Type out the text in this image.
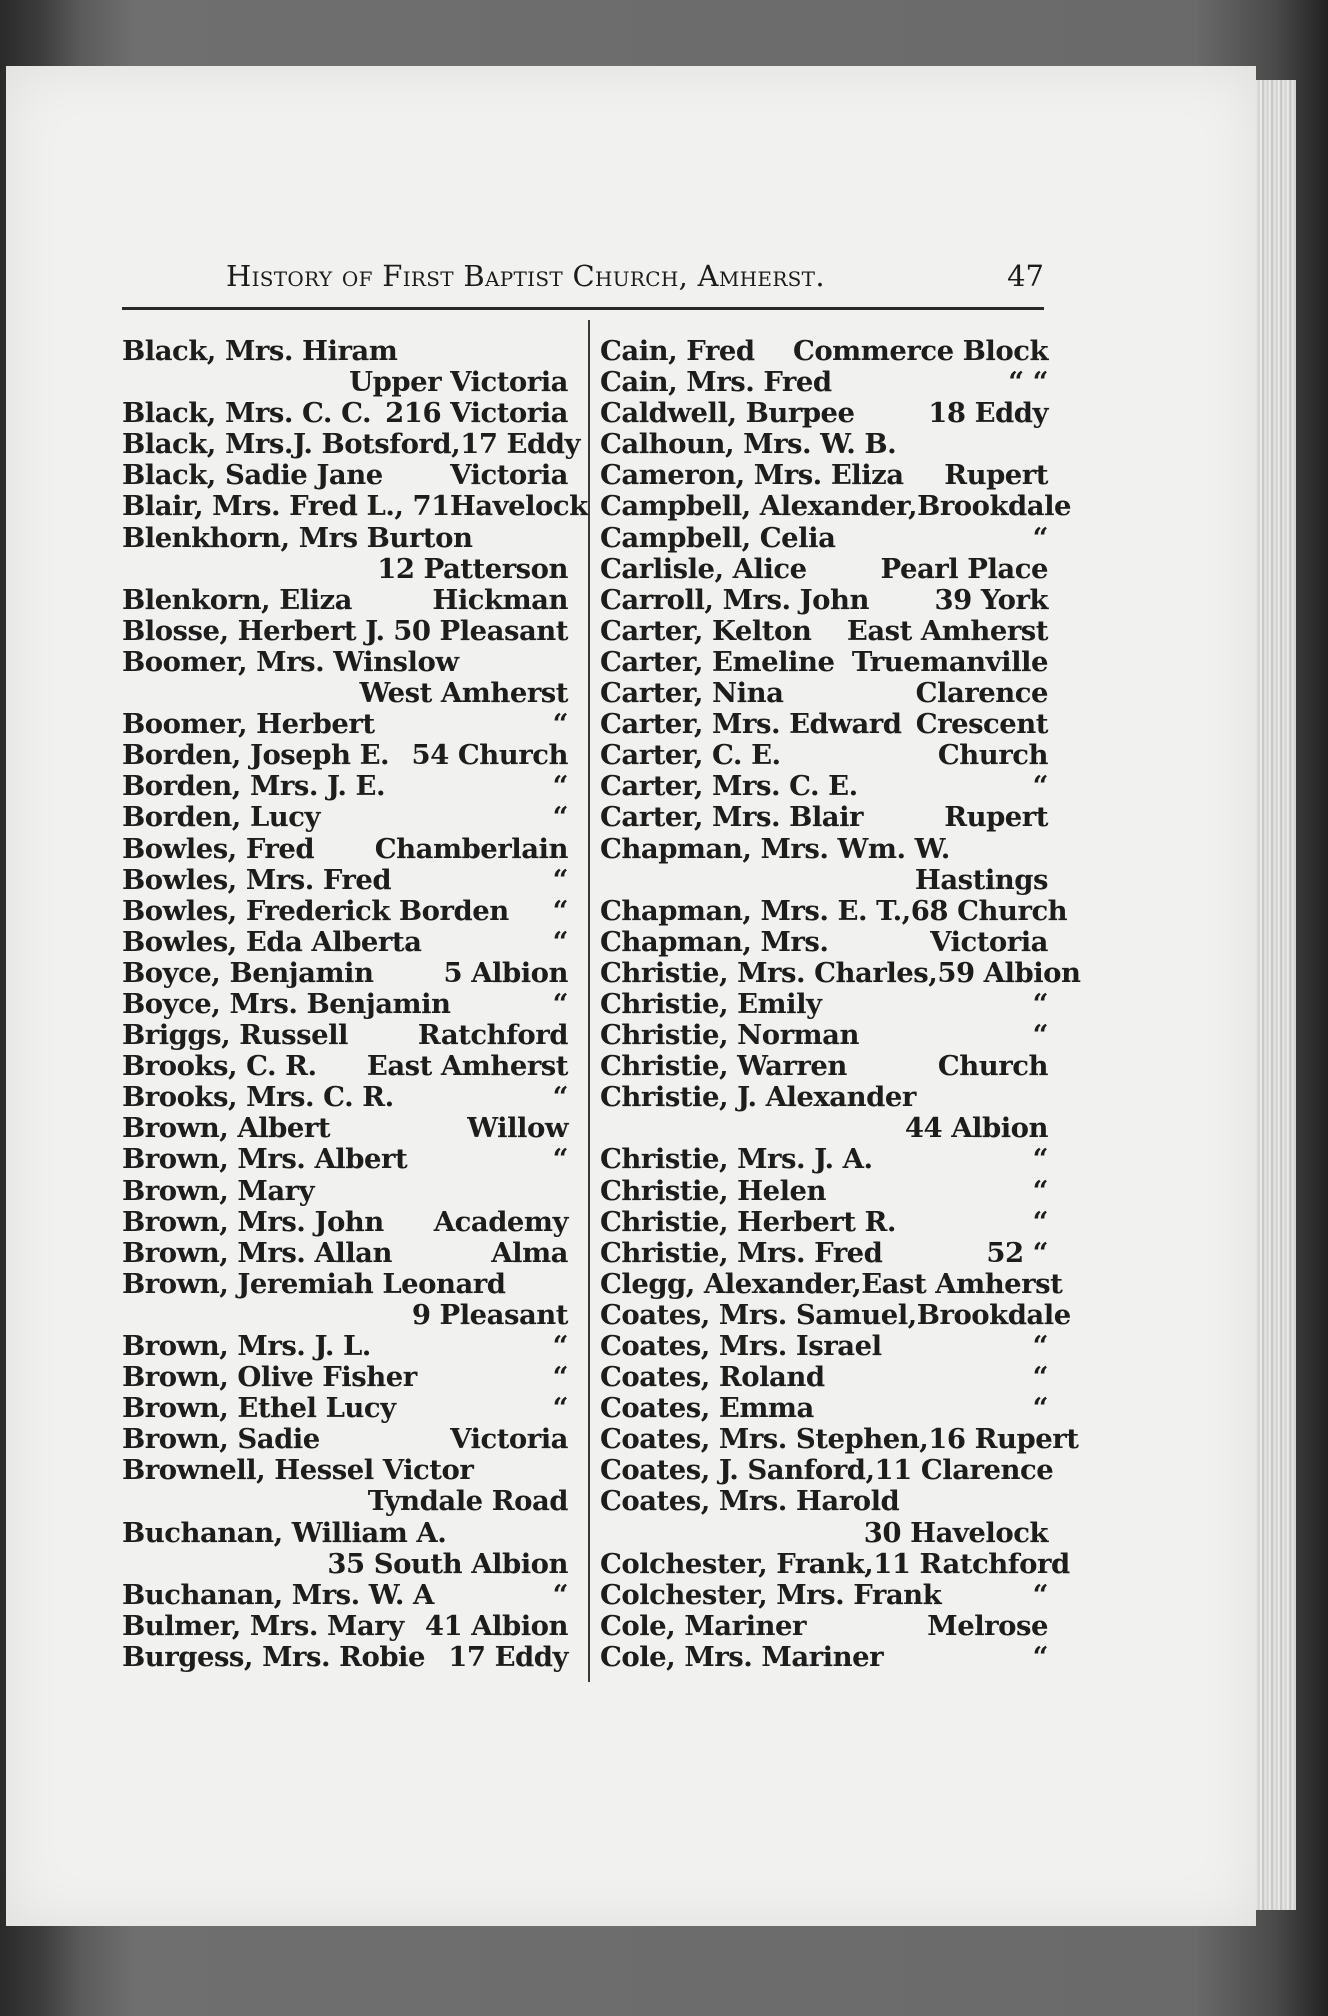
History of First Baptist Church, Amherst.	47
Black, Mrs. Hiram
Upper Victoria
Black, Mrs. C. C. 216 Victoria
Black, Mrs.J. Botsford, 17 Eddy
Black, Sadie Jane Victoria
Blair, Mrs. Fred L., 71 Havelock
Blenkhorn, Mrs Burton
12 Patterson
Blenkorn, Eliza	Hickman
Blosse, Herbert J. 50 Pleasant
Boomer, Mrs. Winslow
West Amherst
Boomer, Herbert	“
Borden, Joseph E. 54 Church
Borden, Mrs. J. E.	“
Borden, Lucy	“
Bowles, Fred Chamberlain
Bowles, Mrs. Fred	“
Bowles, Frederick Borden “
Bowles, Eda Alberta	“
Boyce, Benjamin	5 Albion
Boyce, Mrs. Benjamin	“
Briggs, Russell	Ratchford
Brooks, C. R. East Amherst
Brooks, Mrs. C. R.	“
Brown, Albert	Willow
Brown, Mrs. Albert	“
Brown, Mary
Brown, Mrs. John Academy
Brown, Mrs. Allan	Alma
Brown, Jeremiah Leonard
9 Pleasant
Brown, Mrs. J. L.	“
Brown, Olive Fisher	“
Brown, Ethel Lucy	“
Brown, Sadie	Victoria
Brownell, Hessel Victor
Tyndale Road
Buchanan, William A.
35 South Albion
Buchanan, Mrs. W. A	“
Bulmer, Mrs. Mary 41 Albion
Burgess, Mrs. Robie 17 Eddy
Cain, Fred Commerce Block
Cain, Mrs. Fred	“ “
Caldwell, Burpee	18 Eddy
Calhoun, Mrs. W. B.
Cameron, Mrs. Eliza Rupert
Campbell, Alexander, Brookdale
Campbell, Celia	“
Carlisle, Alice	Pearl Place
Carroll, Mrs. John 39 York
Carter, Kelton East Amherst
Carter, Emeline Truemanville
Carter, Nina	Clarence
Carter, Mrs. Edward Crescent
Carter, C. E.	Church
Carter, Mrs. C. E.	“
Carter, Mrs. Blair	Rupert
Chapman, Mrs. Wm. W.
Hastings
Chapman, Mrs. E. T., 68 Church
Chapman, Mrs.	Victoria
Christie, Mrs. Charles, 59 Albion
Christie, Emily	“
Christie, Norman	“
Christie, Warren	Church
Christie, J. Alexander
44 Albion
Christie, Mrs. J. A.	“
Christie, Helen	“
Christie, Herbert R.	“
Christie, Mrs. Fred	52 “
Clegg, Alexander, East Amherst
Coates, Mrs. Samuel, Brookdale
Coates, Mrs. Israel	“
Coates, Roland	“
Coates, Emma	“
Coates, Mrs. Stephen, 16 Rupert
Coates, J. Sanford, 11 Clarence
Coates, Mrs. Harold
30 Havelock
Colchester, Frank, 11 Ratchford
Colchester, Mrs. Frank	“
Cole, Mariner	Melrose
Cole, Mrs. Mariner	“
